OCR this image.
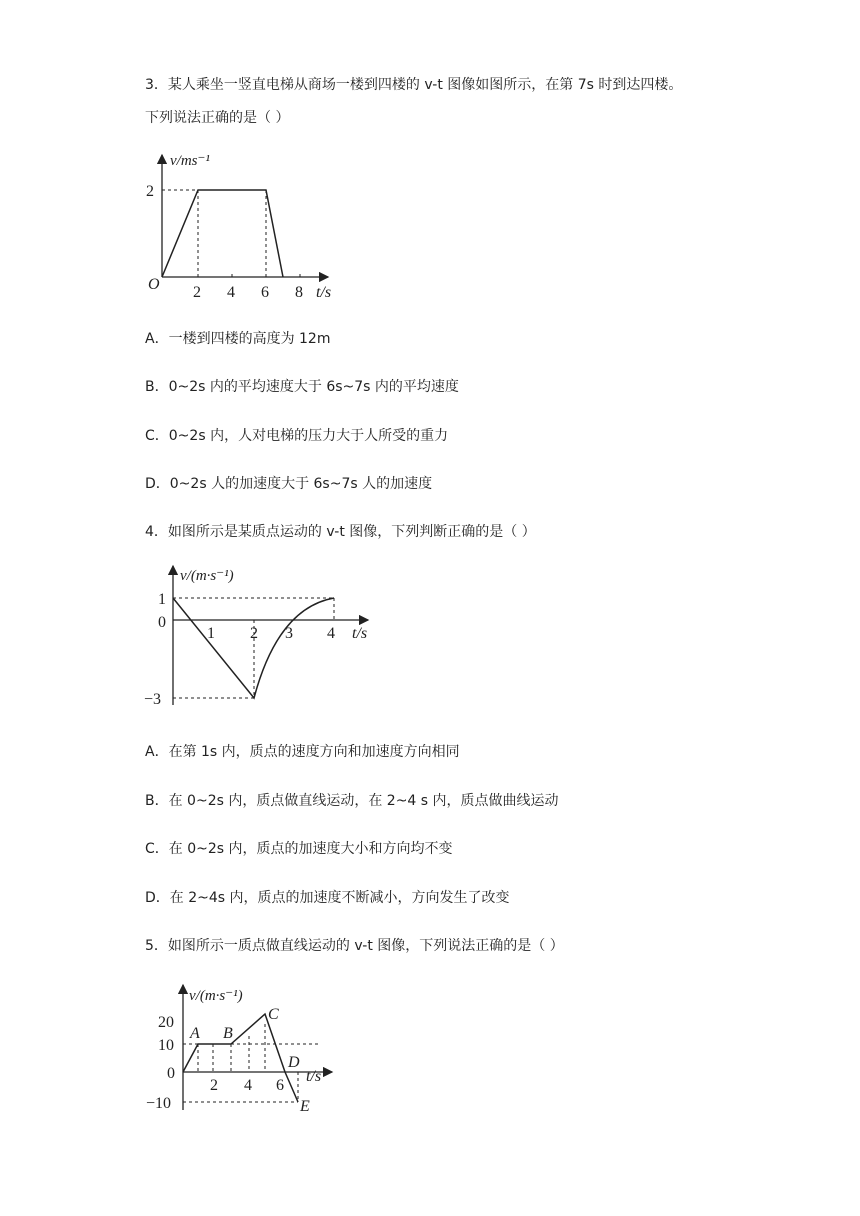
3．某人乘坐一竖直电梯从商场一楼到四楼的 v-t 图像如图所示，在第 7s 时到达四楼。
下列说法正确的是（ ）
v/ms⁻¹
O
2
2 4 6 8 t/s
A．一楼到四楼的高度为 12m
B．0~2s 内的平均速度大于 6s~7s 内的平均速度
C．0~2s 内，人对电梯的压力大于人所受的重力
D．0~2s 人的加速度大于 6s~7s 人的加速度
4．如图所示是某质点运动的 v-t 图像，下列判断正确的是（ ）
v/(m·s⁻¹)
1
0
−3
1 2 3 4 t/s
A．在第 1s 内，质点的速度方向和加速度方向相同
B．在 0~2s 内，质点做直线运动，在 2~4 s 内，质点做曲线运动
C．在 0~2s 内，质点的加速度大小和方向均不变
D．在 2~4s 内，质点的加速度不断减小，方向发生了改变
5．如图所示一质点做直线运动的 v-t 图像，下列说法正确的是（ ）
v/(m·s⁻¹)
20
10
0
−10
2 4 6
t/s
A B
C
D
E
